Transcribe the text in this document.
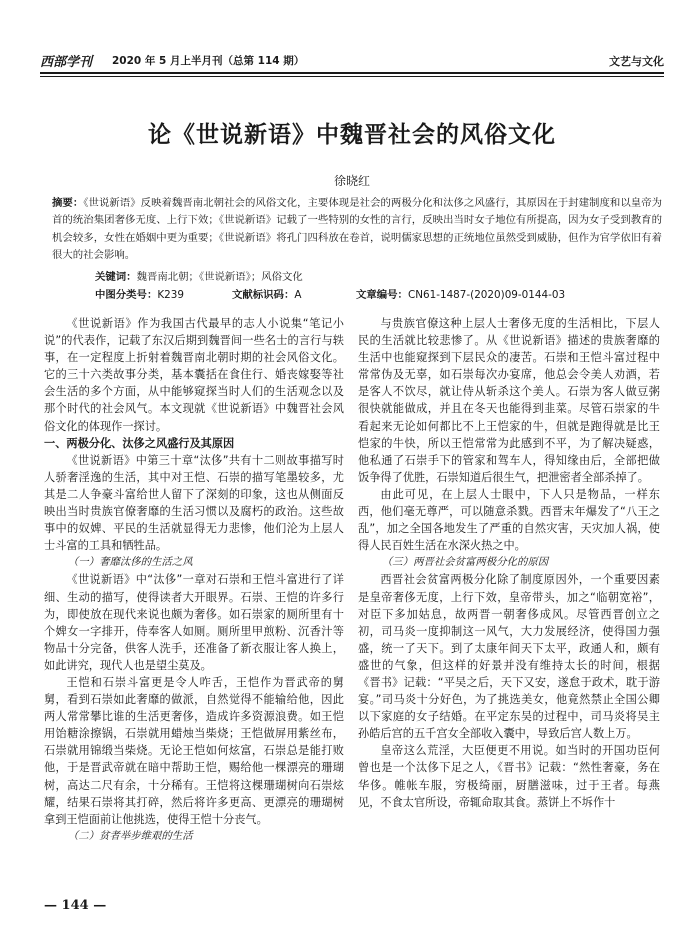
西部学刊 2020 年 5 月上半月刊（总第 114 期）	文艺与文化
论《世说新语》中魏晋社会的风俗文化
徐晓红
摘要：《世说新语》反映着魏晋南北朝社会的风俗文化，主要体现是社会的两极分化和汰侈之风盛行，其原因在于封建制度和以皇帝为首的统治集团奢侈无度、上行下效；《世说新语》记载了一些特别的女性的言行，反映出当时女子地位有所提高，因为女子受到教育的机会较多，女性在婚姻中更为重要；《世说新语》将孔门四科放在卷首，说明儒家思想的正统地位虽然受到威胁，但作为官学依旧有着很大的社会影响。
关键词：魏晋南北朝；《世说新语》；风俗文化
中图分类号：K239	文献标识码：A	文章编号：CN61-1487-(2020)09-0144-03

《世说新语》作为我国古代最早的志人小说集“笔记小说”的代表作，记载了东汉后期到魏晋间一些名士的言行与轶事，在一定程度上折射着魏晋南北朝时期的社会风俗文化。它的三十六类故事分类，基本囊括在食住行、婚丧嫁娶等社会生活的多个方面，从中能够窥探当时人们的生活观念以及那个时代的社会风气。本文现就《世说新语》中魏晋社会风俗文化的体现作一探讨。

一、两极分化、汰侈之风盛行及其原因

《世说新语》中第三十章“汰侈”共有十二则故事描写时人骄奢淫逸的生活，其中对王恺、石崇的描写笔墨较多，尤其是二人争豪斗富给世人留下了深刻的印象，这也从侧面反映出当时贵族官僚奢靡的生活习惯以及腐朽的政治。这些故事中的奴婢、平民的生活就显得无力悲惨，他们沦为上层人士斗富的工具和牺牲品。

（一）奢靡汰侈的生活之风

《世说新语》中“汰侈”一章对石崇和王恺斗富进行了详细、生动的描写，使得读者大开眼界。石崇、王恺的许多行为，即使放在现代来说也颇为奢侈。如石崇家的厕所里有十个婢女一字排开，侍奉客人如厕。厕所里甲煎粉、沉香汁等物品十分完备，供客人洗手，还准备了新衣服让客人换上，如此讲究，现代人也是望尘莫及。

王恺和石崇斗富更是令人咋舌，王恺作为晋武帝的舅舅，看到石崇如此奢靡的做派，自然觉得不能输给他，因此两人常常攀比谁的生活更奢侈，造成许多资源浪费。如王恺用饴糖涂擦锅，石崇就用蜡烛当柴烧；王恺做屏用紫丝布，石崇就用锦缎当柴烧。无论王恺如何炫富，石崇总是能打败他，于是晋武帝就在暗中帮助王恺，赐给他一棵漂亮的珊瑚树，高达二尺有余，十分稀有。王恺将这棵珊瑚树向石崇炫耀，结果石崇将其打碎，然后将许多更高、更漂亮的珊瑚树拿到王恺面前让他挑选，使得王恺十分丧气。

（二）贫者举步维艰的生活

与贵族官僚这种上层人士奢侈无度的生活相比，下层人民的生活就比较悲惨了。从《世说新语》描述的贵族奢靡的生活中也能窥探到下层民众的凄苦。石崇和王恺斗富过程中常常伪及无辜，如石崇每次办宴席，他总会令美人劝酒，若是客人不饮尽，就让侍从斩杀这个美人。石崇为客人做豆粥很快就能做成，并且在冬天也能得到韭菜。尽管石崇家的牛看起来无论如何都比不上王恺家的牛，但就是跑得就是比王恺家的牛快，所以王恺常常为此感到不平，为了解决疑惑，他私通了石崇手下的管家和驾车人，得知缘由后，全部把做饭争得了优胜，石崇知道后很生气，把泄密者全部杀掉了。

由此可见，在上层人士眼中，下人只是物品，一样东西，他们毫无尊严，可以随意杀戮。西晋末年爆发了“八王之乱”，加之全国各地发生了严重的自然灾害，天灾加人祸，使得人民百姓生活在水深火热之中。

（三）两晋社会贫富两极分化的原因

西晋社会贫富两极分化除了制度原因外，一个重要因素是皇帝奢侈无度，上行下效，皇帝带头，加之“临朝宽裕”，对臣下多加姑息，故两晋一朝奢侈成风。尽管西晋创立之初，司马炎一度抑制这一风气，大力发展经济，使得国力强盛，统一了天下。到了太康年间天下太平，政通人和，颇有盛世的气象，但这样的好景并没有维持太长的时间，根据《晋书》记载：“平吴之后，天下又安，遂怠于政术，耽于游宴。”司马炎十分好色，为了挑选美女，他竟然禁止全国公卿以下家庭的女子结婚。在平定东吴的过程中，司马炎将吴主孙皓后宫的五千宫女全部收入囊中，导致后宫人数上万。

皇帝这么荒淫，大臣便更不用说。如当时的开国功臣何曾也是一个汰侈下足之人，《晋书》记载：“然性奢豪，务在华侈。帷帐车服，穷极绮丽，厨膳滋味，过于王者。每燕见，不食太官所设，帝辄命取其食。蒸饼上不坼作十

— 144 —
